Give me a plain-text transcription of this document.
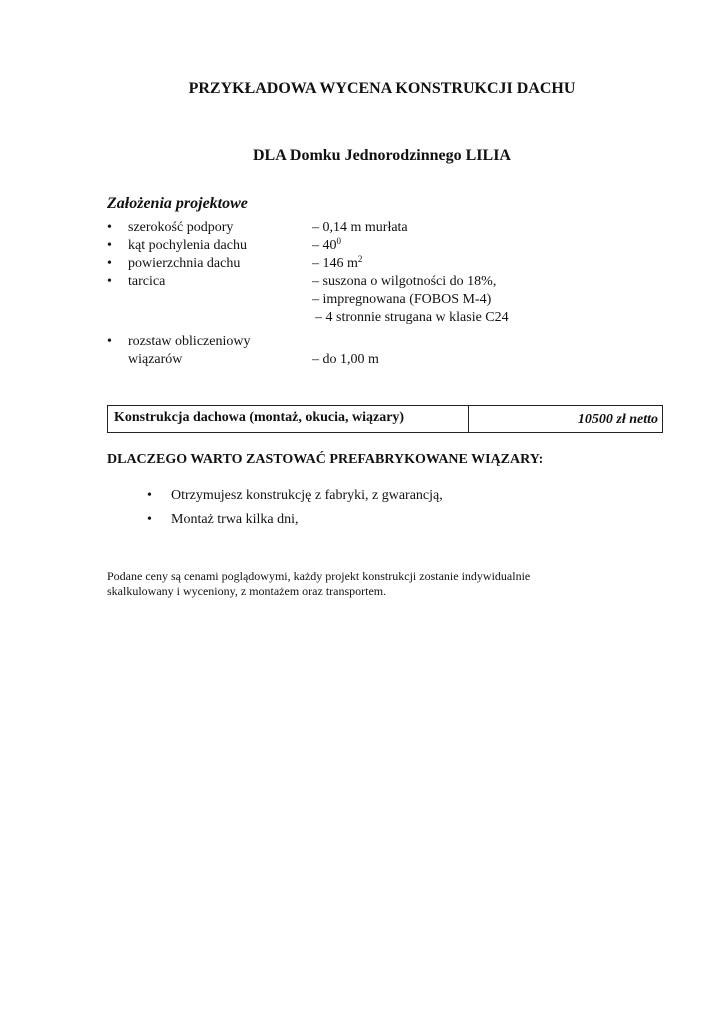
PRZYKŁADOWA WYCENA KONSTRUKCJI DACHU
DLA Domku Jednorodzinnego LILIA
Założenia projektowe
• szerokość podpory	– 0,14 m murłata
• kąt pochylenia dachu	– $40^0$
• powierzchnia dachu	– 146 $m^2$
• tarcica	– suszona o wilgotności do 18%,
– impregnowana (FOBOS M-4)
– 4 stronnie strugana w klasie C24
• rozstaw obliczeniowy
wiązarów	– do 1,00 m
Konstrukcja dachowa (montaż, okucia, wiązary)	10500 zł netto
DLACZEGO WARTO ZASTOWAĆ PREFABRYKOWANE WIĄZARY:
• Otrzymujesz konstrukcję z fabryki, z gwarancją,
• Montaż trwa kilka dni,
Podane ceny są cenami poglądowymi, każdy projekt konstrukcji zostanie indywidualnie
skalkulowany i wyceniony, z montażem oraz transportem.
